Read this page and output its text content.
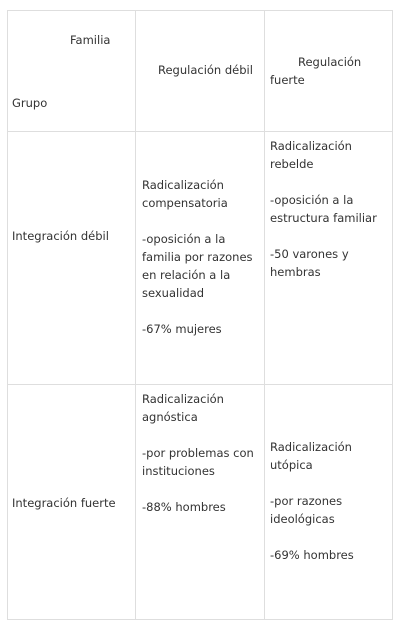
Familia

Grupo

Regulación débil

Regulación
fuerte

Integración débil

Radicalización
compensatoria

-oposición a la
familia por razones
en relación a la
sexualidad

-67% mujeres

Radicalización
rebelde

-oposición a la
estructura familiar

-50 varones y
hembras

Integración fuerte

Radicalización
agnóstica

-por problemas con
instituciones

-88% hombres

Radicalización
utópica

-por razones
ideológicas

-69% hombres
